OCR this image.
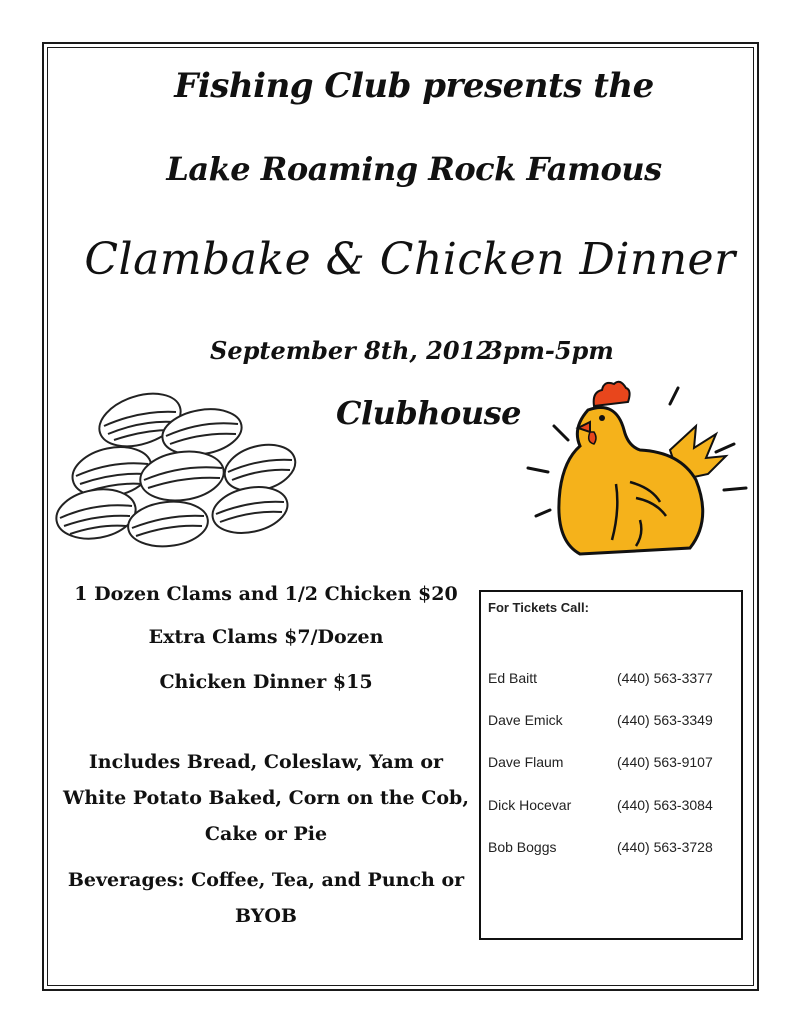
Fishing Club presents the
Lake Roaming Rock Famous
Clambake & Chicken Dinner
September 8th, 2012
3pm-5pm
Clubhouse
1 Dozen Clams and 1/2 Chicken $20
Extra Clams $7/Dozen
Chicken Dinner $15
Includes Bread, Coleslaw, Yam or
White Potato Baked, Corn on the Cob,
Cake or Pie
Beverages: Coffee, Tea, and Punch or
BYOB
For Tickets Call:
Ed Baitt	(440) 563-3377
Dave Emick	(440) 563-3349
Dave Flaum	(440) 563-9107
Dick Hocevar	(440) 563-3084
Bob Boggs	(440) 563-3728
